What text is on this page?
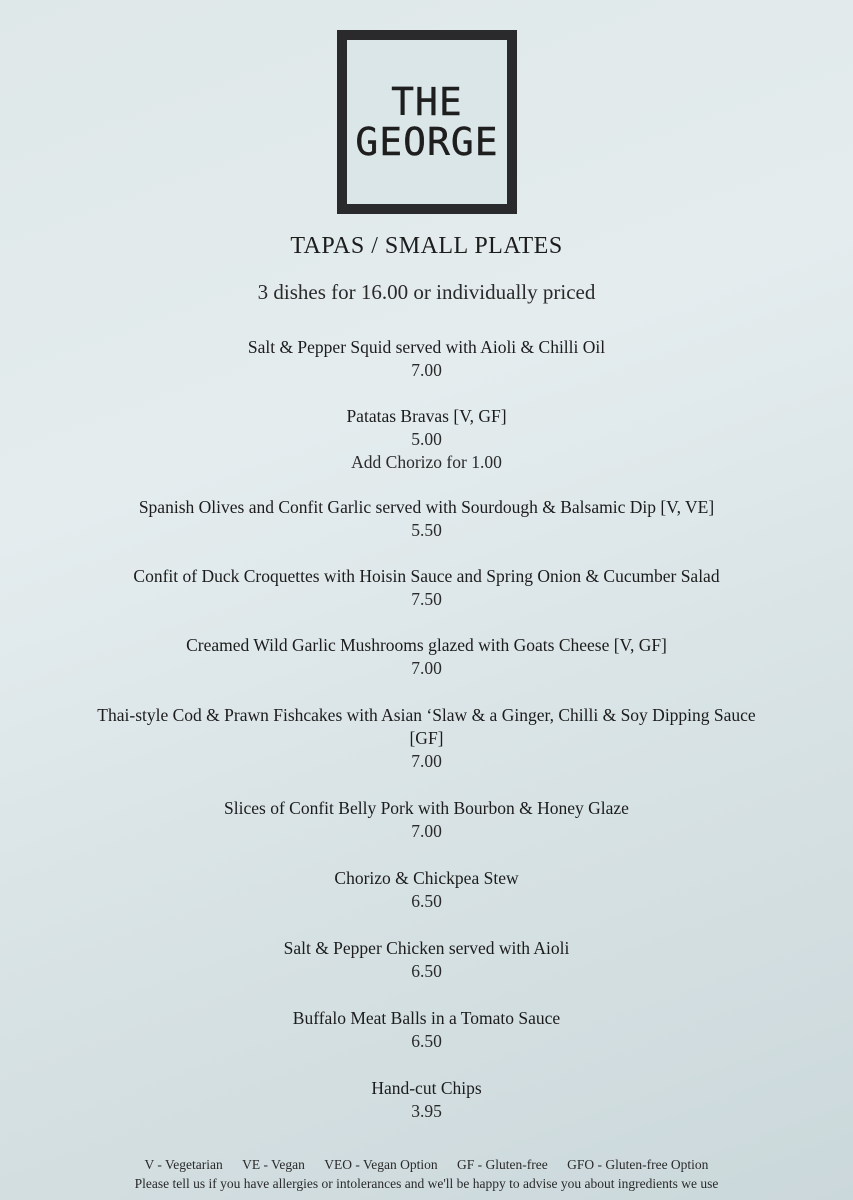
THE
GEORGE
TAPAS / SMALL PLATES
3 dishes for 16.00 or individually priced
Salt & Pepper Squid served with Aioli & Chilli Oil
7.00
Patatas Bravas [V, GF]
5.00
Add Chorizo for 1.00
Spanish Olives and Confit Garlic served with Sourdough & Balsamic Dip [V, VE]
5.50
Confit of Duck Croquettes with Hoisin Sauce and Spring Onion & Cucumber Salad
7.50
Creamed Wild Garlic Mushrooms glazed with Goats Cheese [V, GF]
7.00
Thai-style Cod & Prawn Fishcakes with Asian ‘Slaw & a Ginger, Chilli & Soy Dipping Sauce
[GF]
7.00
Slices of Confit Belly Pork with Bourbon & Honey Glaze
7.00
Chorizo & Chickpea Stew
6.50
Salt & Pepper Chicken served with Aioli
6.50
Buffalo Meat Balls in a Tomato Sauce
6.50
Hand-cut Chips
3.95
V - Vegetarian VE - Vegan VEO - Vegan Option GF - Gluten-free GFO - Gluten-free Option
Please tell us if you have allergies or intolerances and we'll be happy to advise you about ingredients we use
